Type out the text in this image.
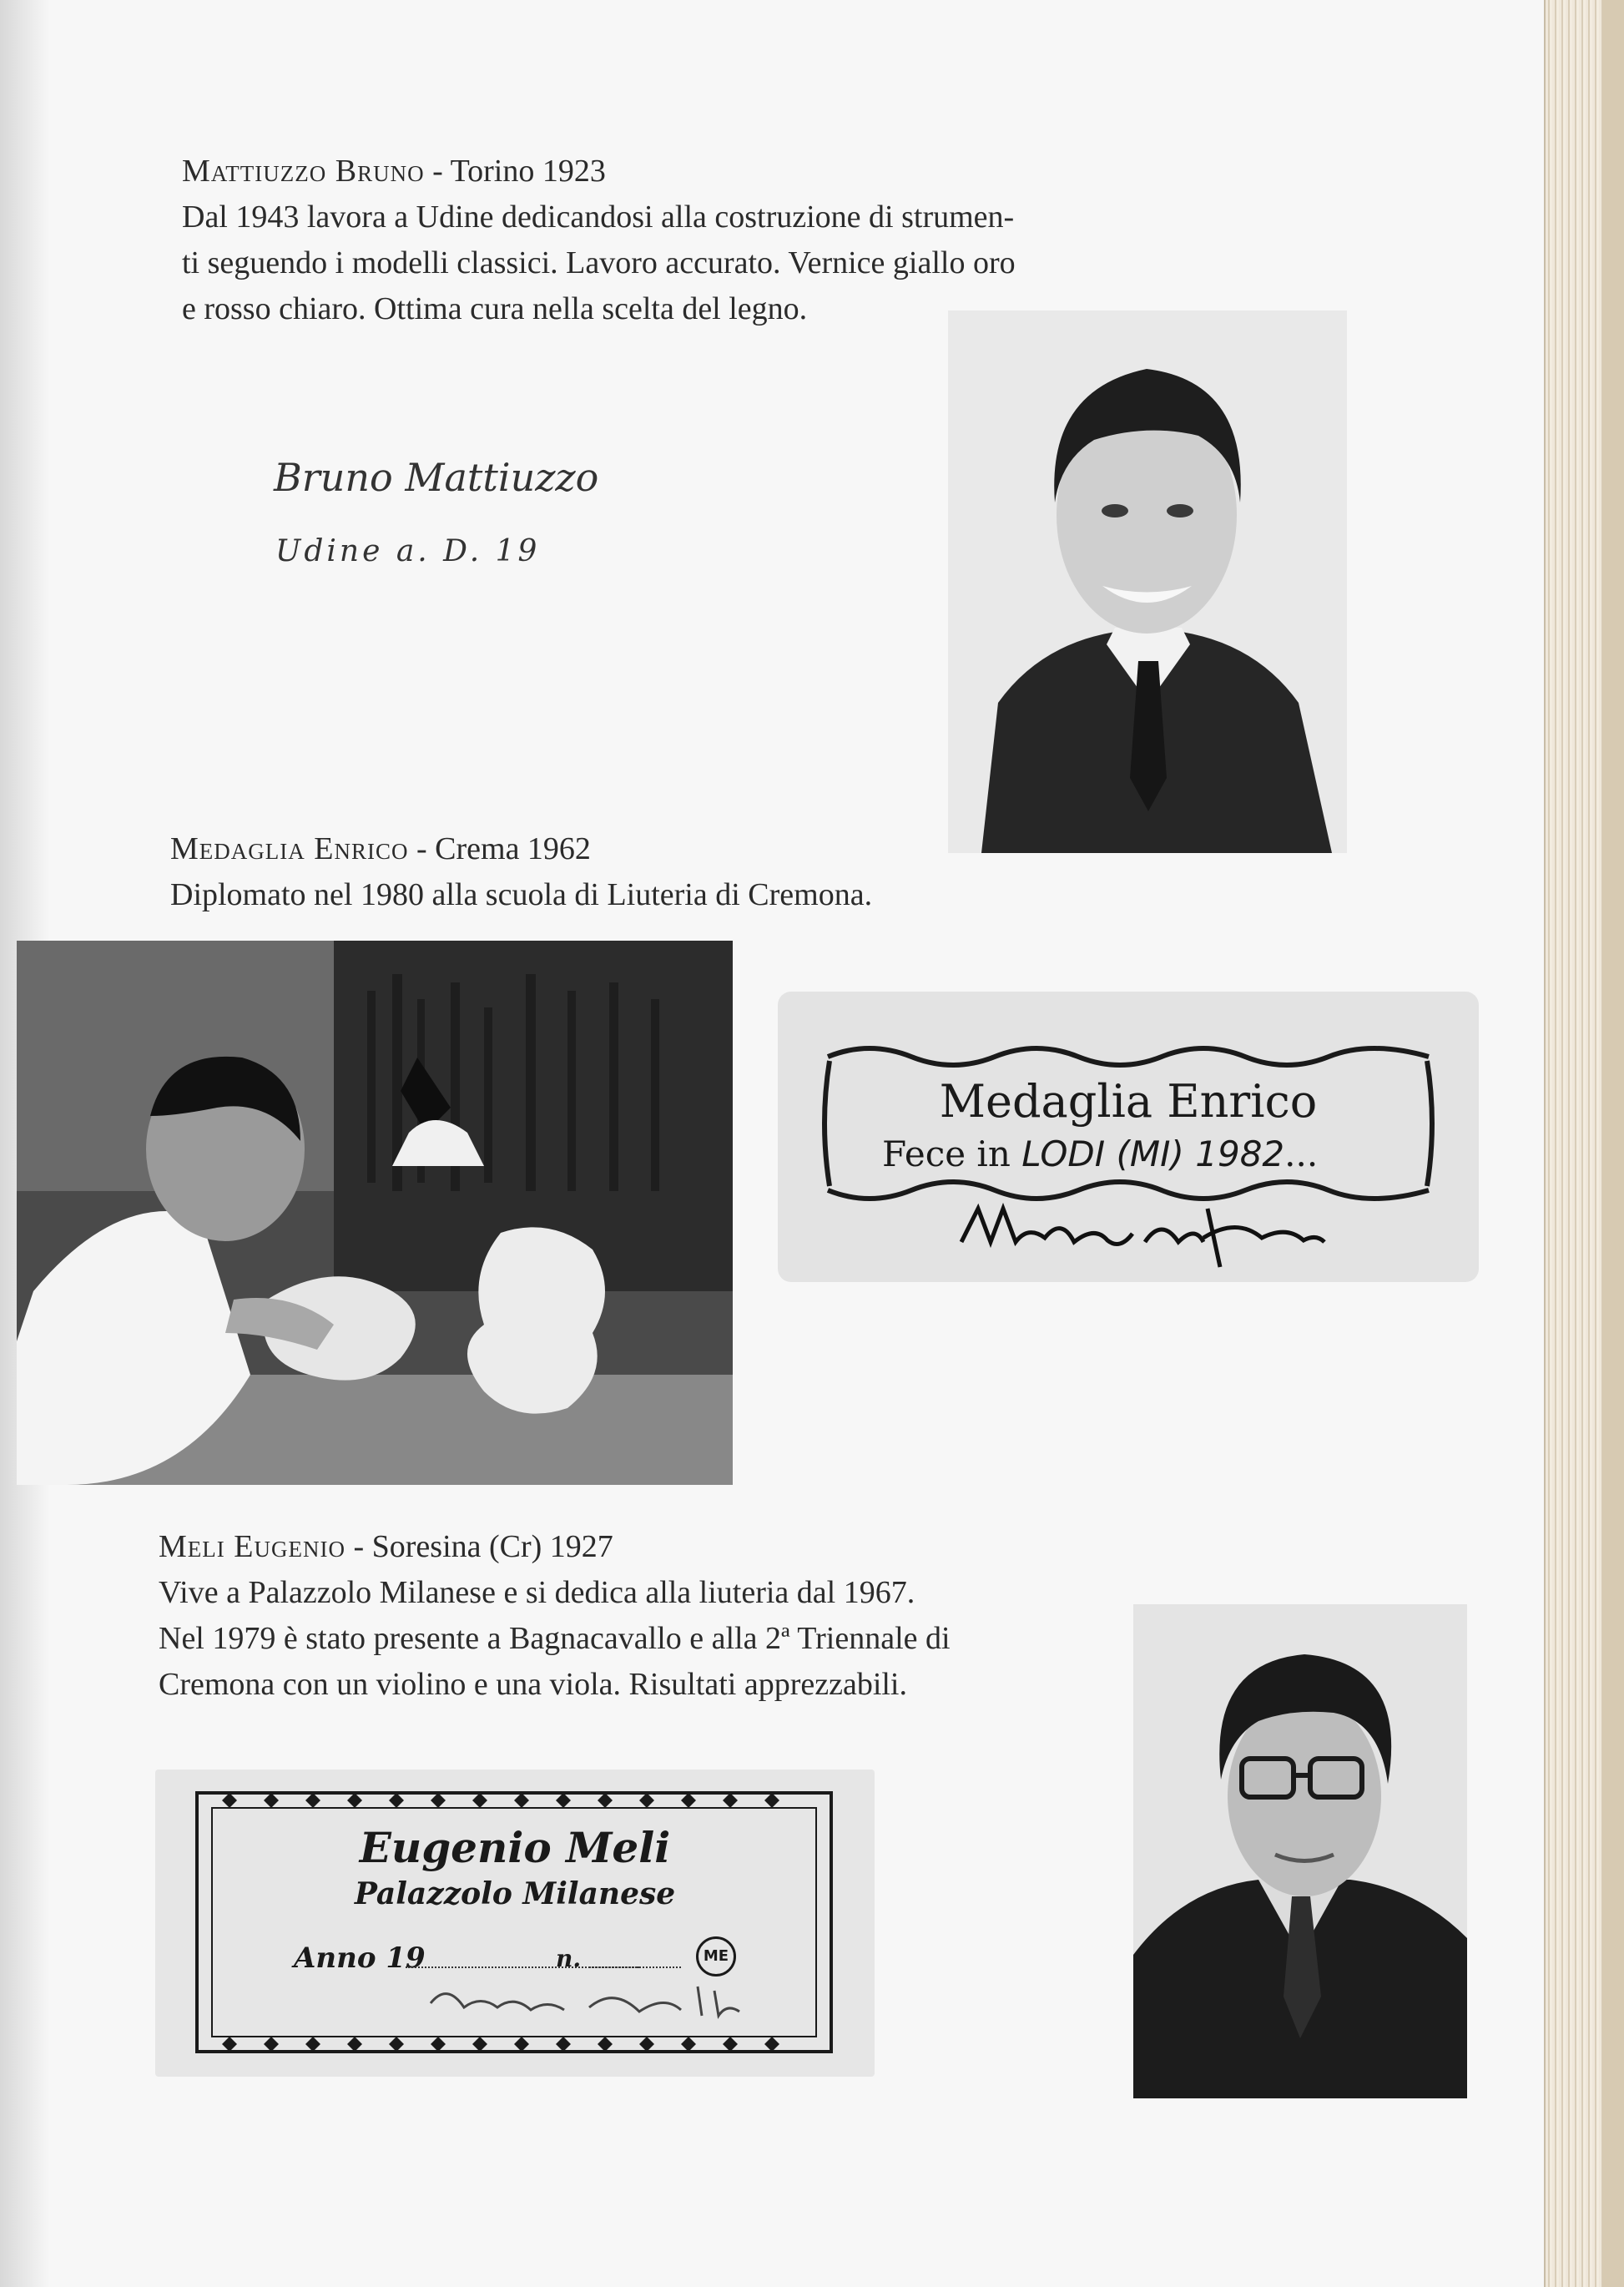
Mattiuzzo Bruno - Torino 1923
Dal 1943 lavora a Udine dedicandosi alla costruzione di strumen-
ti seguendo i modelli classici. Lavoro accurato. Vernice giallo oro
e rosso chiaro. Ottima cura nella scelta del legno.
Bruno Mattiuzzo
Udine a. D. 19
Medaglia Enrico - Crema 1962
Diplomato nel 1980 alla scuola di Liuteria di Cremona.
Medaglia Enrico
Fece in LODI (MI) 1982...
Meli Eugenio - Soresina (Cr) 1927
Vive a Palazzolo Milanese e si dedica alla liuteria dal 1967.
Nel 1979 è stato presente a Bagnacavallo e alla 2ª Triennale di
Cremona con un violino e una viola. Risultati apprezzabili.
Eugenio Meli
Palazzolo Milanese
Anno 19	n.	ME
